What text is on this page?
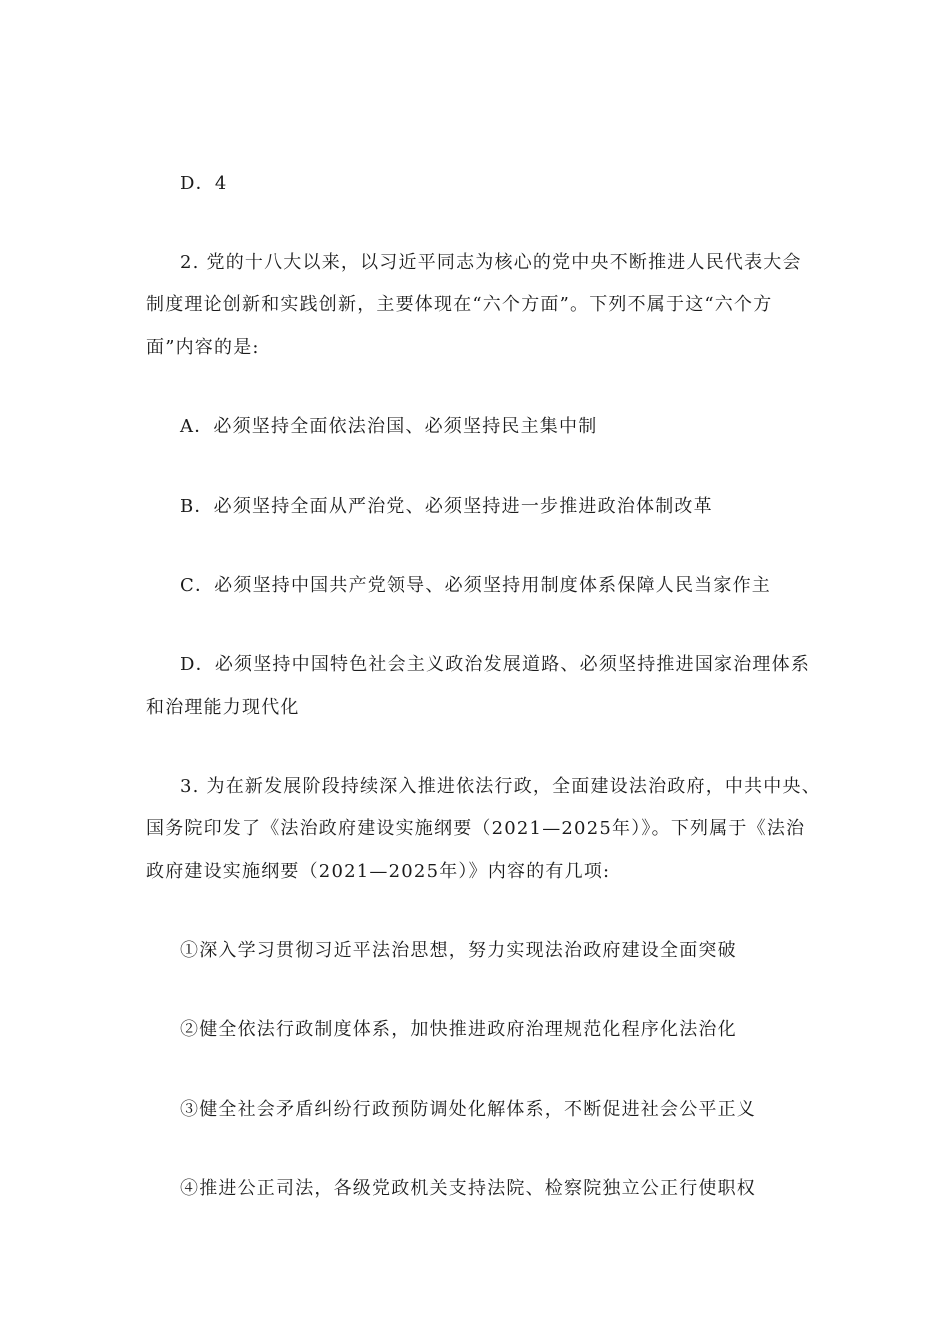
D．4
2. 党的十八大以来，以习近平同志为核心的党中央不断推进人民代表大会
制度理论创新和实践创新，主要体现在“六个方面”。下列不属于这“六个方
面”内容的是:
A．必须坚持全面依法治国、必须坚持民主集中制
B．必须坚持全面从严治党、必须坚持进一步推进政治体制改革
C．必须坚持中国共产党领导、必须坚持用制度体系保障人民当家作主
D．必须坚持中国特色社会主义政治发展道路、必须坚持推进国家治理体系
和治理能力现代化
3. 为在新发展阶段持续深入推进依法行政，全面建设法治政府，中共中央、
国务院印发了《法治政府建设实施纲要（2021—2025年）》。下列属于《法治
政府建设实施纲要（2021—2025年）》内容的有几项:
①深入学习贯彻习近平法治思想，努力实现法治政府建设全面突破
②健全依法行政制度体系，加快推进政府治理规范化程序化法治化
③健全社会矛盾纠纷行政预防调处化解体系，不断促进社会公平正义
④推进公正司法，各级党政机关支持法院、检察院独立公正行使职权
